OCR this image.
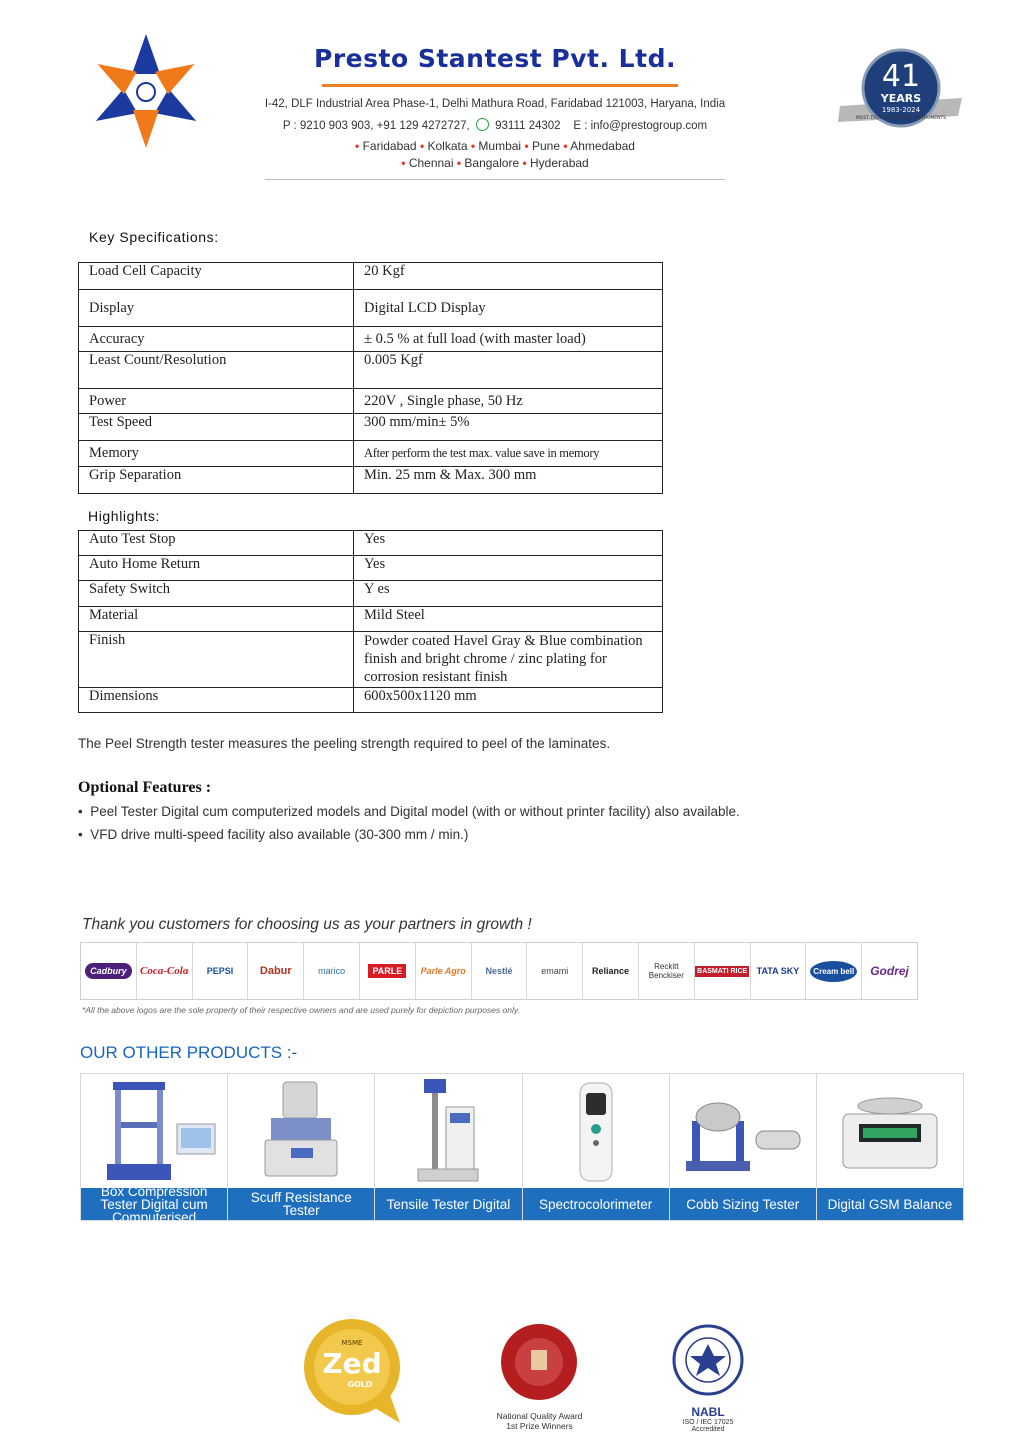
Presto Stantest Pvt. Ltd.
I-42, DLF Industrial Area Phase-1, Delhi Mathura Road, Faridabad 121003, Haryana, India
P : 9210 903 903, +91 129 4272727, 93111 24302 E : info@prestogroup.com
• Faridabad • Kolkata • Mumbai • Pune • Ahmedabad
• Chennai • Bangalore • Hyderabad
41
YEARS
1983-2024
MOST TRUSTED TESTING INSTRUMENTS
Key Specifications:
Load Cell Capacity	20 Kgf
Display	Digital LCD Display
Accuracy	± 0.5 % at full load (with master load)
Least Count/Resolution	0.005 Kgf
Power	220V , Single phase, 50 Hz
Test Speed	300 mm/min± 5%
Memory	After perform the test max. value save in memory
Grip Separation	Min. 25 mm & Max. 300 mm
Highlights:
Auto Test Stop	Yes
Auto Home Return	Yes
Safety Switch	Y es
Material	Mild Steel
Finish	Powder coated Havel Gray & Blue combination finish and bright chrome / zinc plating for corrosion resistant finish
Dimensions	600x500x1120 mm
The Peel Strength tester measures the peeling strength required to peel of the laminates.
Optional Features :
•  Peel Tester Digital cum computerized models and Digital model (with or without printer facility) also available.
•  VFD drive multi-speed facility also available (30-300 mm / min.)
Thank you customers for choosing us as your partners in growth !
Cadbury	Coca-Cola PEPSI Dabur	marico	PARLE	Parle Agro Nestlé	emami	Reliance	Reckitt Benckiser	BASMATI RICE TATA SKY	Cream bell Godrej
*All the above logos are the sole property of their respective owners and are used purely for depiction purposes only.
OUR OTHER PRODUCTS :-
Box Compression Tester Digital cum Computerised
Scuff Resistance Tester	Tensile Tester Digital	Spectrocolorimeter	Cobb Sizing Tester	Digital GSM Balance
MSME
Zed
GOLD
National Quality Award
1st Prize Winners
NABL
ISO / IEC 17025
Accredited
